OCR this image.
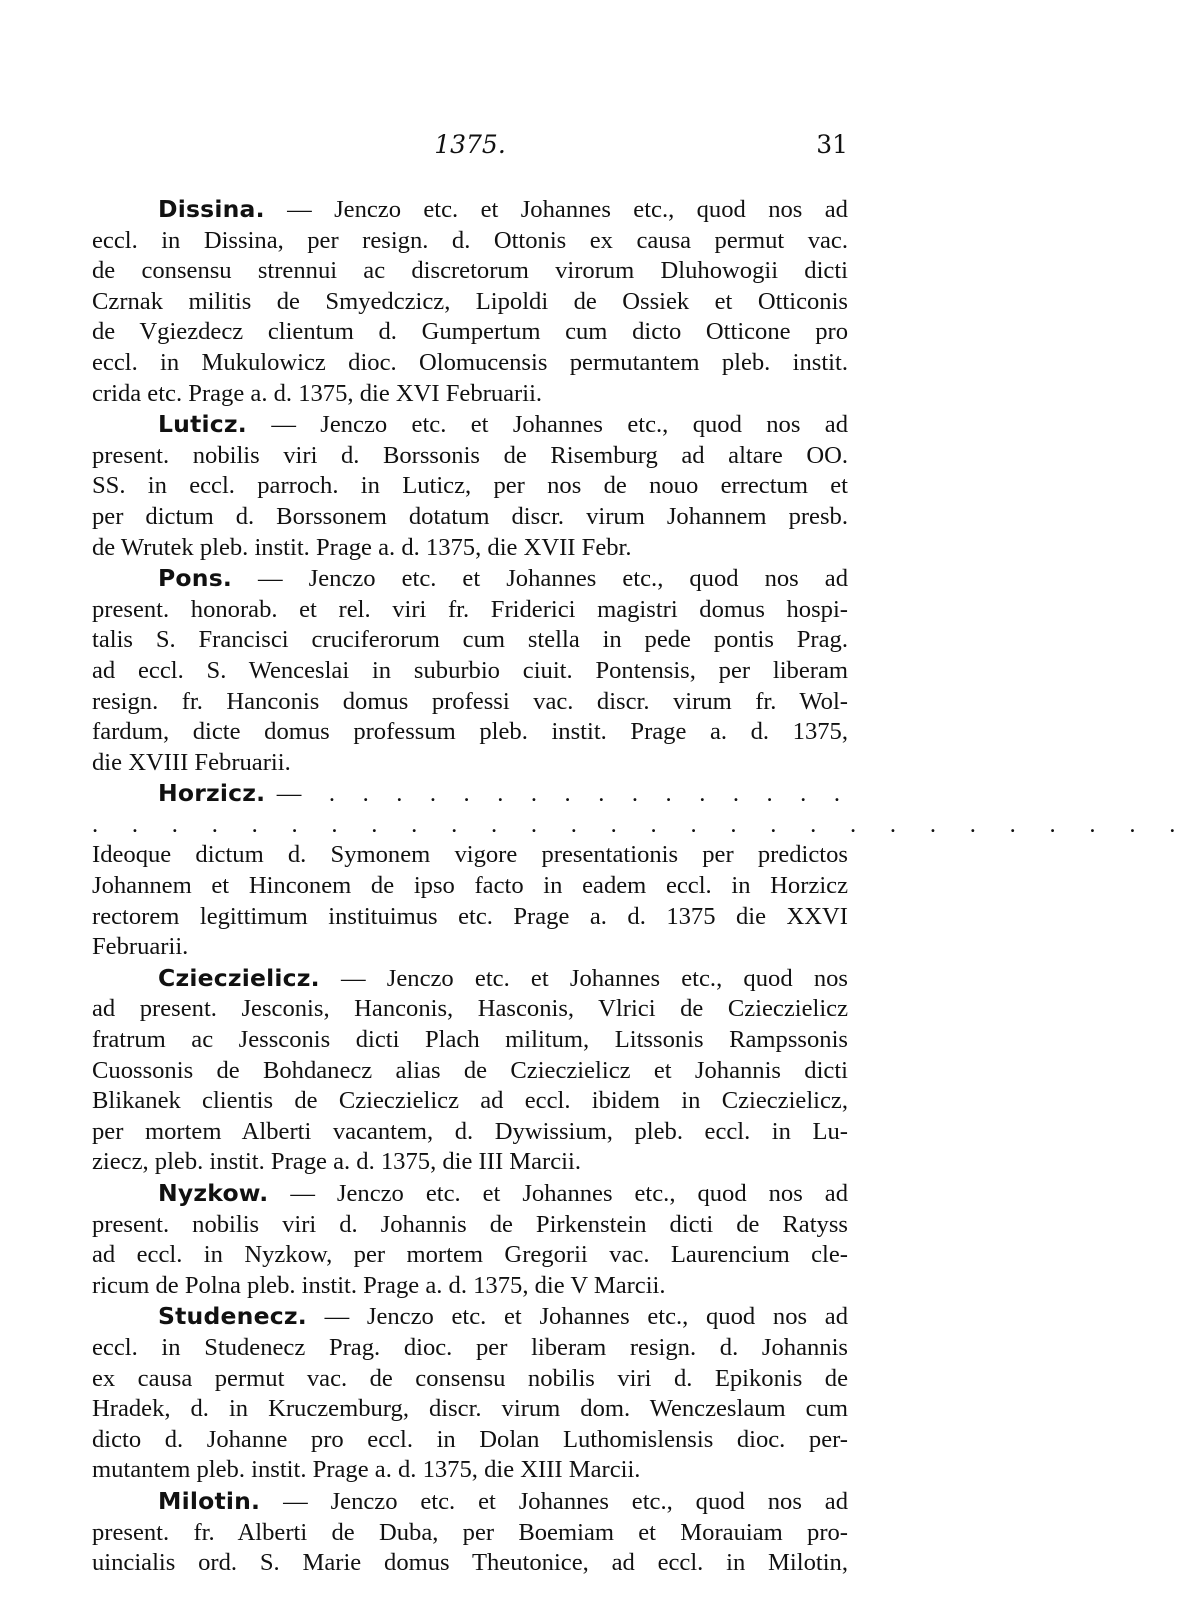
1375.	31
Dissina. — Jenczo etc. et Johannes etc., quod nos ad
eccl. in Dissina, per resign. d. Ottonis ex causa permut vac.
de consensu strennui ac discretorum virorum Dluhowogii dicti
Czrnak militis de Smyedczicz, Lipoldi de Ossiek et Otticonis
de Vgiezdecz clientum d. Gumpertum cum dicto Otticone pro
eccl. in Mukulowicz dioc. Olomucensis permutantem pleb. instit.
crida etc. Prage a. d. 1375, die XVI Februarii.
Luticz. — Jenczo etc. et Johannes etc., quod nos ad
present. nobilis viri d. Borssonis de Risemburg ad altare OO.
SS. in eccl. parroch. in Luticz, per nos de nouo errectum et
per dictum d. Borssonem dotatum discr. virum Johannem presb.
de Wrutek pleb. instit. Prage a. d. 1375, die XVII Febr.
Pons. — Jenczo etc. et Johannes etc., quod nos ad
present. honorab. et rel. viri fr. Friderici magistri domus hospi-
talis S. Francisci cruciferorum cum stella in pede pontis Prag.
ad eccl. S. Wenceslai in suburbio ciuit. Pontensis, per liberam
resign. fr. Hanconis domus professi vac. discr. virum fr. Wol-
fardum, dicte domus professum pleb. instit. Prage a. d. 1375,
die XVIII Februarii.
Horzicz. — . . . . . . . . . . . . . . . .
. . . . . . . . . . . . . . . . . . . . . . . . . . . .
Ideoque dictum d. Symonem vigore presentationis per predictos
Johannem et Hinconem de ipso facto in eadem eccl. in Horzicz
rectorem legittimum instituimus etc. Prage a. d. 1375 die XXVI
Februarii.
Czieczielicz. — Jenczo etc. et Johannes etc., quod nos
ad present. Jesconis, Hanconis, Hasconis, Vlrici de Czieczielicz
fratrum ac Jessconis dicti Plach militum, Litssonis Rampssonis
Cuossonis de Bohdanecz alias de Czieczielicz et Johannis dicti
Blikanek clientis de Czieczielicz ad eccl. ibidem in Czieczielicz,
per mortem Alberti vacantem, d. Dywissium, pleb. eccl. in Lu-
ziecz, pleb. instit. Prage a. d. 1375, die III Marcii.
Nyzkow. — Jenczo etc. et Johannes etc., quod nos ad
present. nobilis viri d. Johannis de Pirkenstein dicti de Ratyss
ad eccl. in Nyzkow, per mortem Gregorii vac. Laurencium cle-
ricum de Polna pleb. instit. Prage a. d. 1375, die V Marcii.
Studenecz. — Jenczo etc. et Johannes etc., quod nos ad
eccl. in Studenecz Prag. dioc. per liberam resign. d. Johannis
ex causa permut vac. de consensu nobilis viri d. Epikonis de
Hradek, d. in Kruczemburg, discr. virum dom. Wenczeslaum cum
dicto d. Johanne pro eccl. in Dolan Luthomislensis dioc. per-
mutantem pleb. instit. Prage a. d. 1375, die XIII Marcii.
Milotin. — Jenczo etc. et Johannes etc., quod nos ad
present. fr. Alberti de Duba, per Boemiam et Morauiam pro-
uincialis ord. S. Marie domus Theutonice, ad eccl. in Milotin,
